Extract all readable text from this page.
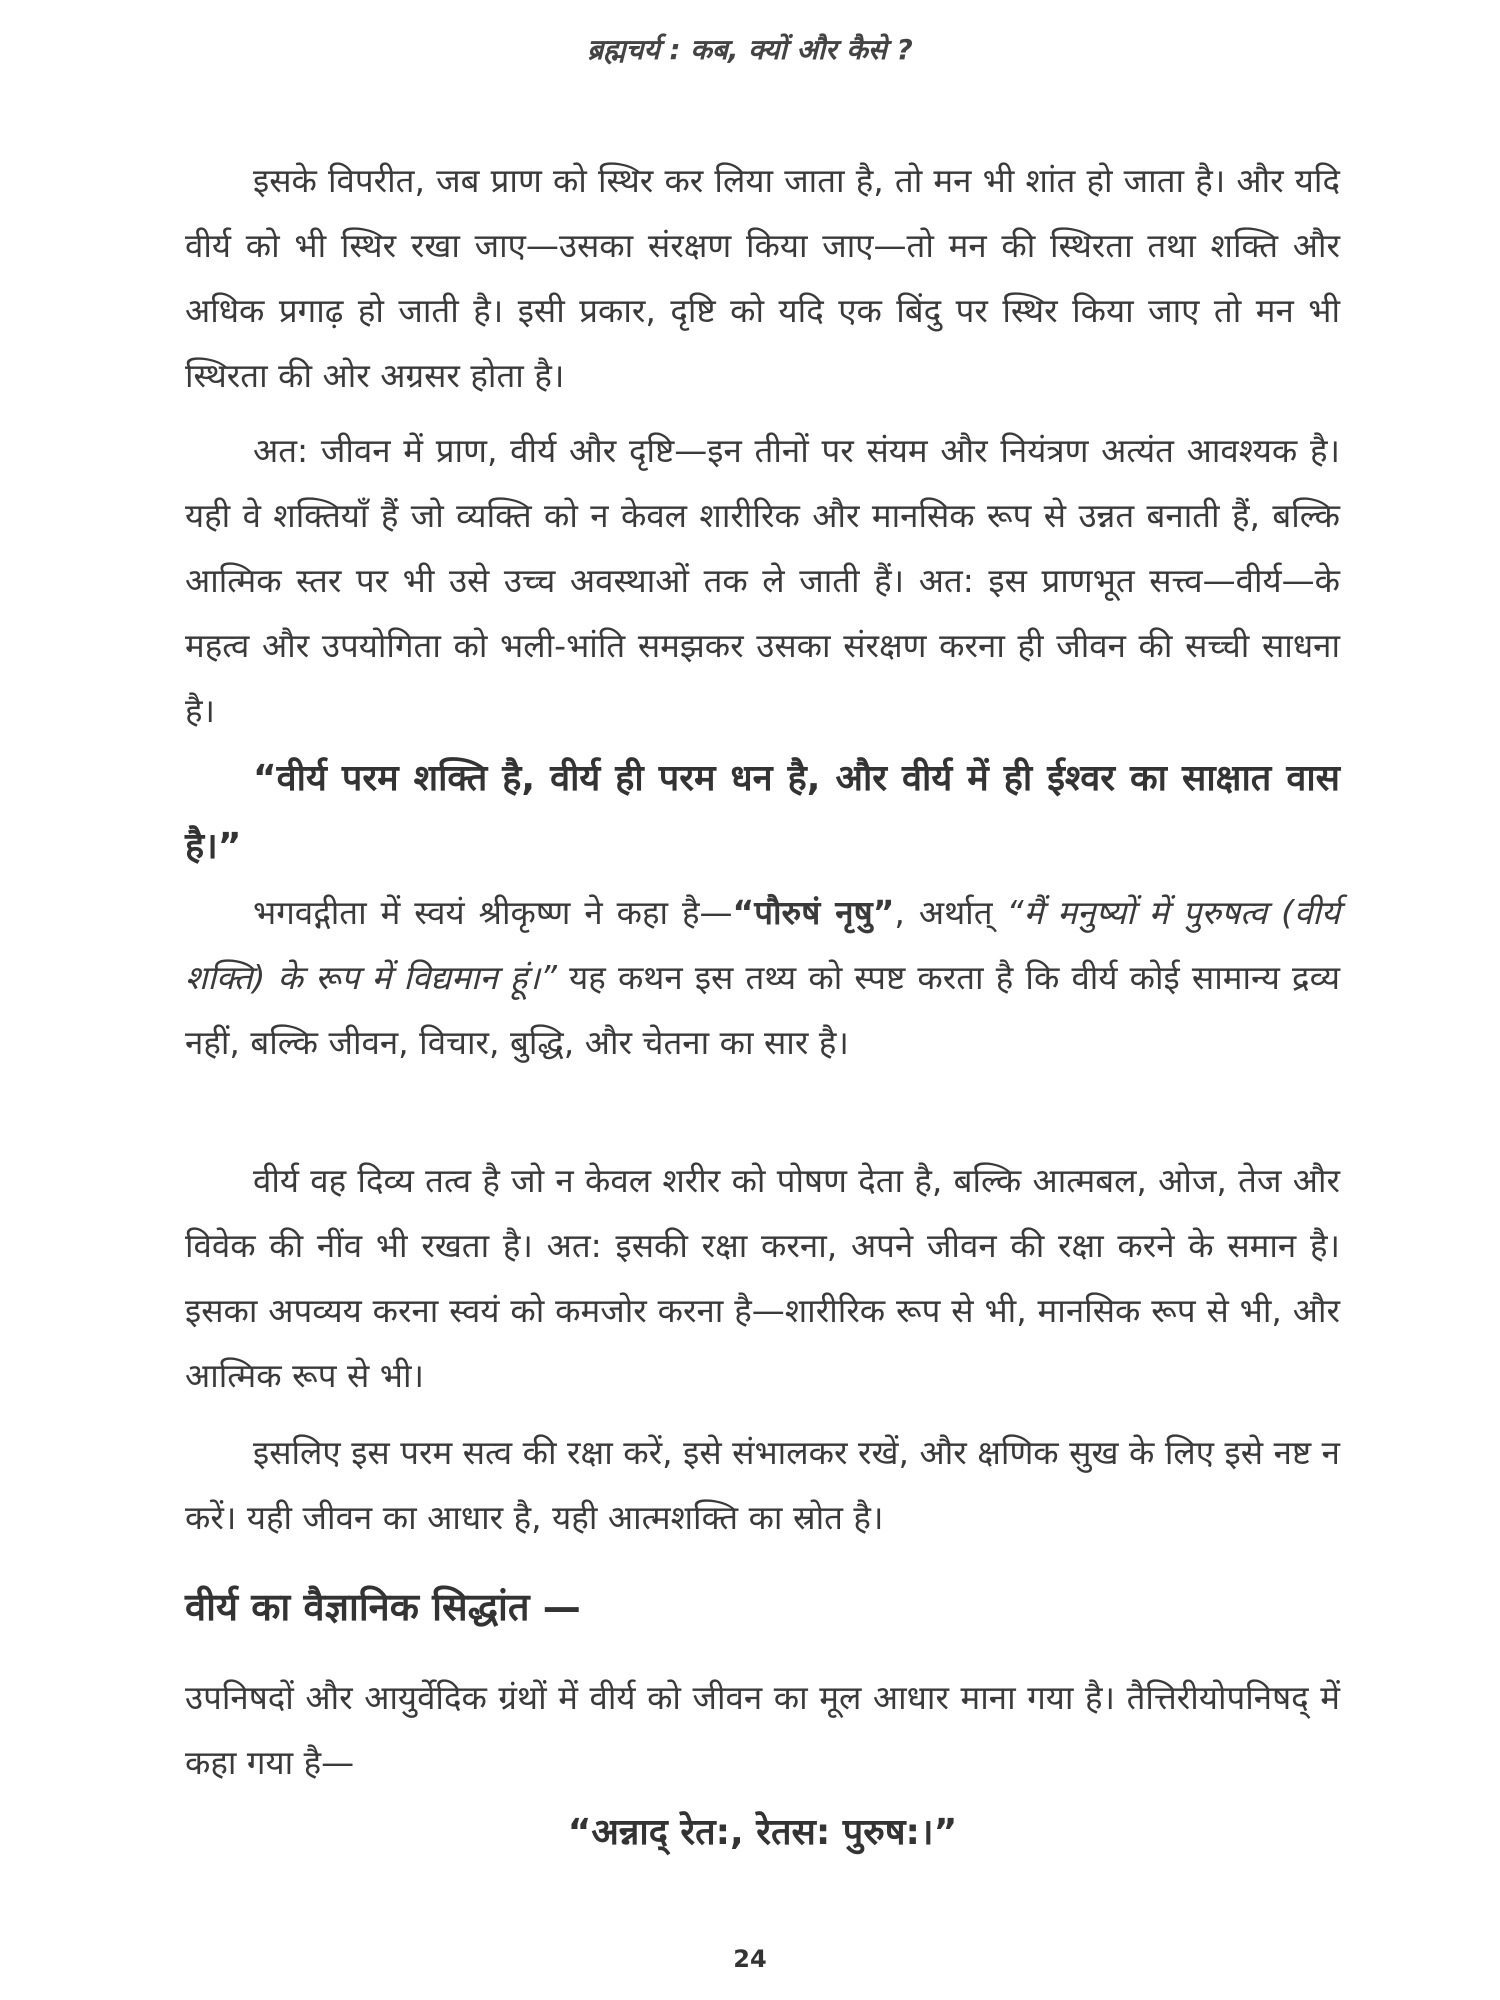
ब्रह्मचर्य : कब, क्यों और कैसे ?

इसके विपरीत, जब प्राण को स्थिर कर लिया जाता है, तो मन भी शांत हो जाता है। और यदि वीर्य को भी स्थिर रखा जाए—उसका संरक्षण किया जाए—तो मन की स्थिरता तथा शक्ति और अधिक प्रगाढ़ हो जाती है। इसी प्रकार, दृष्टि को यदि एक बिंदु पर स्थिर किया जाए तो मन भी स्थिरता की ओर अग्रसर होता है।

अत: जीवन में प्राण, वीर्य और दृष्टि—इन तीनों पर संयम और नियंत्रण अत्यंत आवश्यक है। यही वे शक्तियाँ हैं जो व्यक्ति को न केवल शारीरिक और मानसिक रूप से उन्नत बनाती हैं, बल्कि आत्मिक स्तर पर भी उसे उच्च अवस्थाओं तक ले जाती हैं। अत: इस प्राणभूत सत्त्व—वीर्य—के महत्व और उपयोगिता को भली-भांति समझकर उसका संरक्षण करना ही जीवन की सच्ची साधना है।

“वीर्य परम शक्ति है, वीर्य ही परम धन है, और वीर्य में ही ईश्वर का साक्षात वास है।”

भगवद्गीता में स्वयं श्रीकृष्ण ने कहा है—“पौरुषं नृषु”, अर्थात् “मैं मनुष्यों में पुरुषत्व (वीर्य शक्ति) के रूप में विद्यमान हूं।” यह कथन इस तथ्य को स्पष्ट करता है कि वीर्य कोई सामान्य द्रव्य नहीं, बल्कि जीवन, विचार, बुद्धि, और चेतना का सार है।

वीर्य वह दिव्य तत्व है जो न केवल शरीर को पोषण देता है, बल्कि आत्मबल, ओज, तेज और विवेक की नींव भी रखता है। अत: इसकी रक्षा करना, अपने जीवन की रक्षा करने के समान है। इसका अपव्यय करना स्वयं को कमजोर करना है—शारीरिक रूप से भी, मानसिक रूप से भी, और आत्मिक रूप से भी।

इसलिए इस परम सत्व की रक्षा करें, इसे संभालकर रखें, और क्षणिक सुख के लिए इसे नष्ट न करें। यही जीवन का आधार है, यही आत्मशक्ति का स्रोत है।

वीर्य का वैज्ञानिक सिद्धांत —

उपनिषदों और आयुर्वेदिक ग्रंथों में वीर्य को जीवन का मूल आधार माना गया है। तैत्तिरीयोपनिषद् में कहा गया है—

“अन्नाद् रेत:, रेतस: पुरुष:।”

24
